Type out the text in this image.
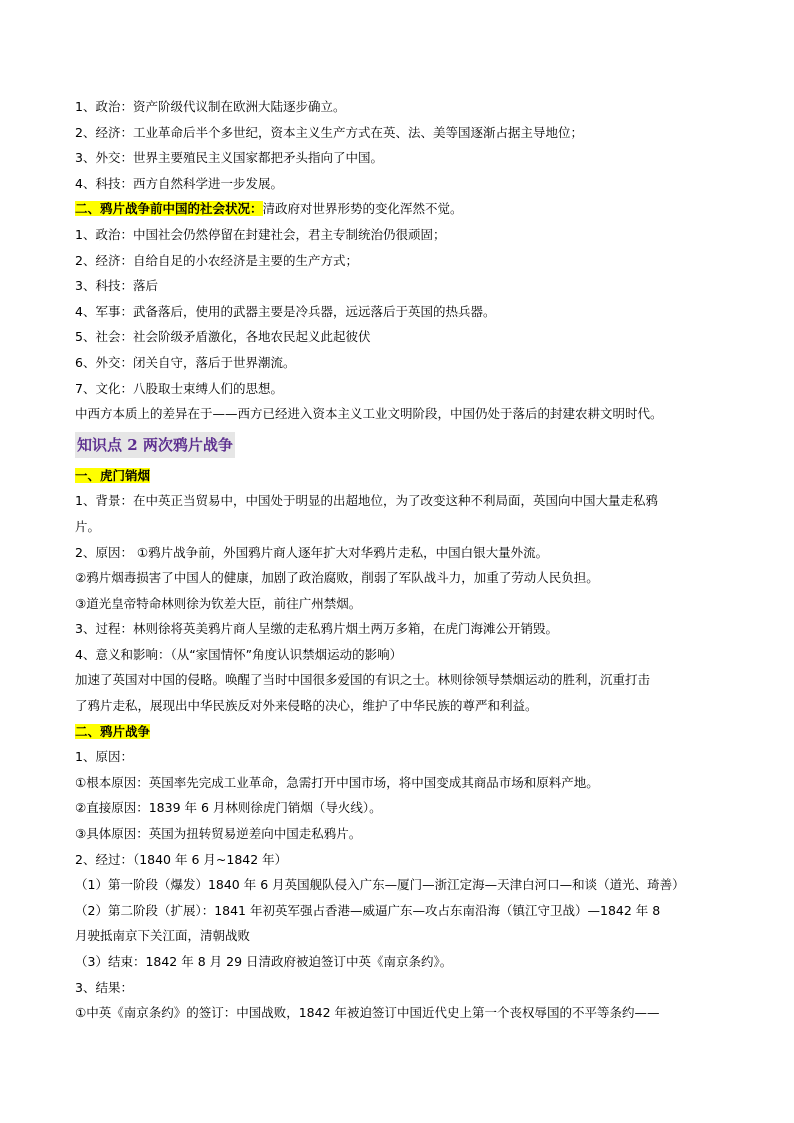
1、政治：资产阶级代议制在欧洲大陆逐步确立。
2、经济：工业革命后半个多世纪，资本主义生产方式在英、法、美等国逐渐占据主导地位；
3、外交：世界主要殖民主义国家都把矛头指向了中国。
4、科技：西方自然科学进一步发展。
二、鸦片战争前中国的社会状况：清政府对世界形势的变化浑然不觉。
1、政治：中国社会仍然停留在封建社会，君主专制统治仍很顽固；
2、经济：自给自足的小农经济是主要的生产方式；
3、科技：落后
4、军事：武备落后，使用的武器主要是冷兵器，远远落后于英国的热兵器。
5、社会：社会阶级矛盾激化，各地农民起义此起彼伏
6、外交：闭关自守，落后于世界潮流。
7、文化：八股取士束缚人们的思想。
中西方本质上的差异在于——西方已经进入资本主义工业文明阶段，中国仍处于落后的封建农耕文明时代。
知识点 2 两次鸦片战争
一、虎门销烟
1、背景：在中英正当贸易中，中国处于明显的出超地位，为了改变这种不利局面，英国向中国大量走私鸦
片。
2、原因： ①鸦片战争前，外国鸦片商人逐年扩大对华鸦片走私，中国白银大量外流。
②鸦片烟毒损害了中国人的健康，加剧了政治腐败，削弱了军队战斗力，加重了劳动人民负担。
③道光皇帝特命林则徐为钦差大臣，前往广州禁烟。
3、过程：林则徐将英美鸦片商人呈缴的走私鸦片烟土两万多箱，在虎门海滩公开销毁。
4、意义和影响：（从“家国情怀”角度认识禁烟运动的影响）
加速了英国对中国的侵略。唤醒了当时中国很多爱国的有识之士。林则徐领导禁烟运动的胜利，沉重打击
了鸦片走私，展现出中华民族反对外来侵略的决心，维护了中华民族的尊严和利益。
二、鸦片战争
1、原因：
①根本原因：英国率先完成工业革命，急需打开中国市场，将中国变成其商品市场和原料产地。
②直接原因：1839 年 6 月林则徐虎门销烟（导火线）。
③具体原因：英国为扭转贸易逆差向中国走私鸦片。
2、经过：（1840 年 6 月~1842 年）
（1）第一阶段（爆发）1840 年 6 月英国舰队侵入广东—厦门—浙江定海—天津白河口—和谈（道光、琦善）
（2）第二阶段（扩展）：1841 年初英军强占香港—威逼广东—攻占东南沿海（镇江守卫战）—1842 年 8
月驶抵南京下关江面，清朝战败
（3）结束：1842 年 8 月 29 日清政府被迫签订中英《南京条约》。
3、结果：
①中英《南京条约》的签订：中国战败，1842 年被迫签订中国近代史上第一个丧权辱国的不平等条约——
